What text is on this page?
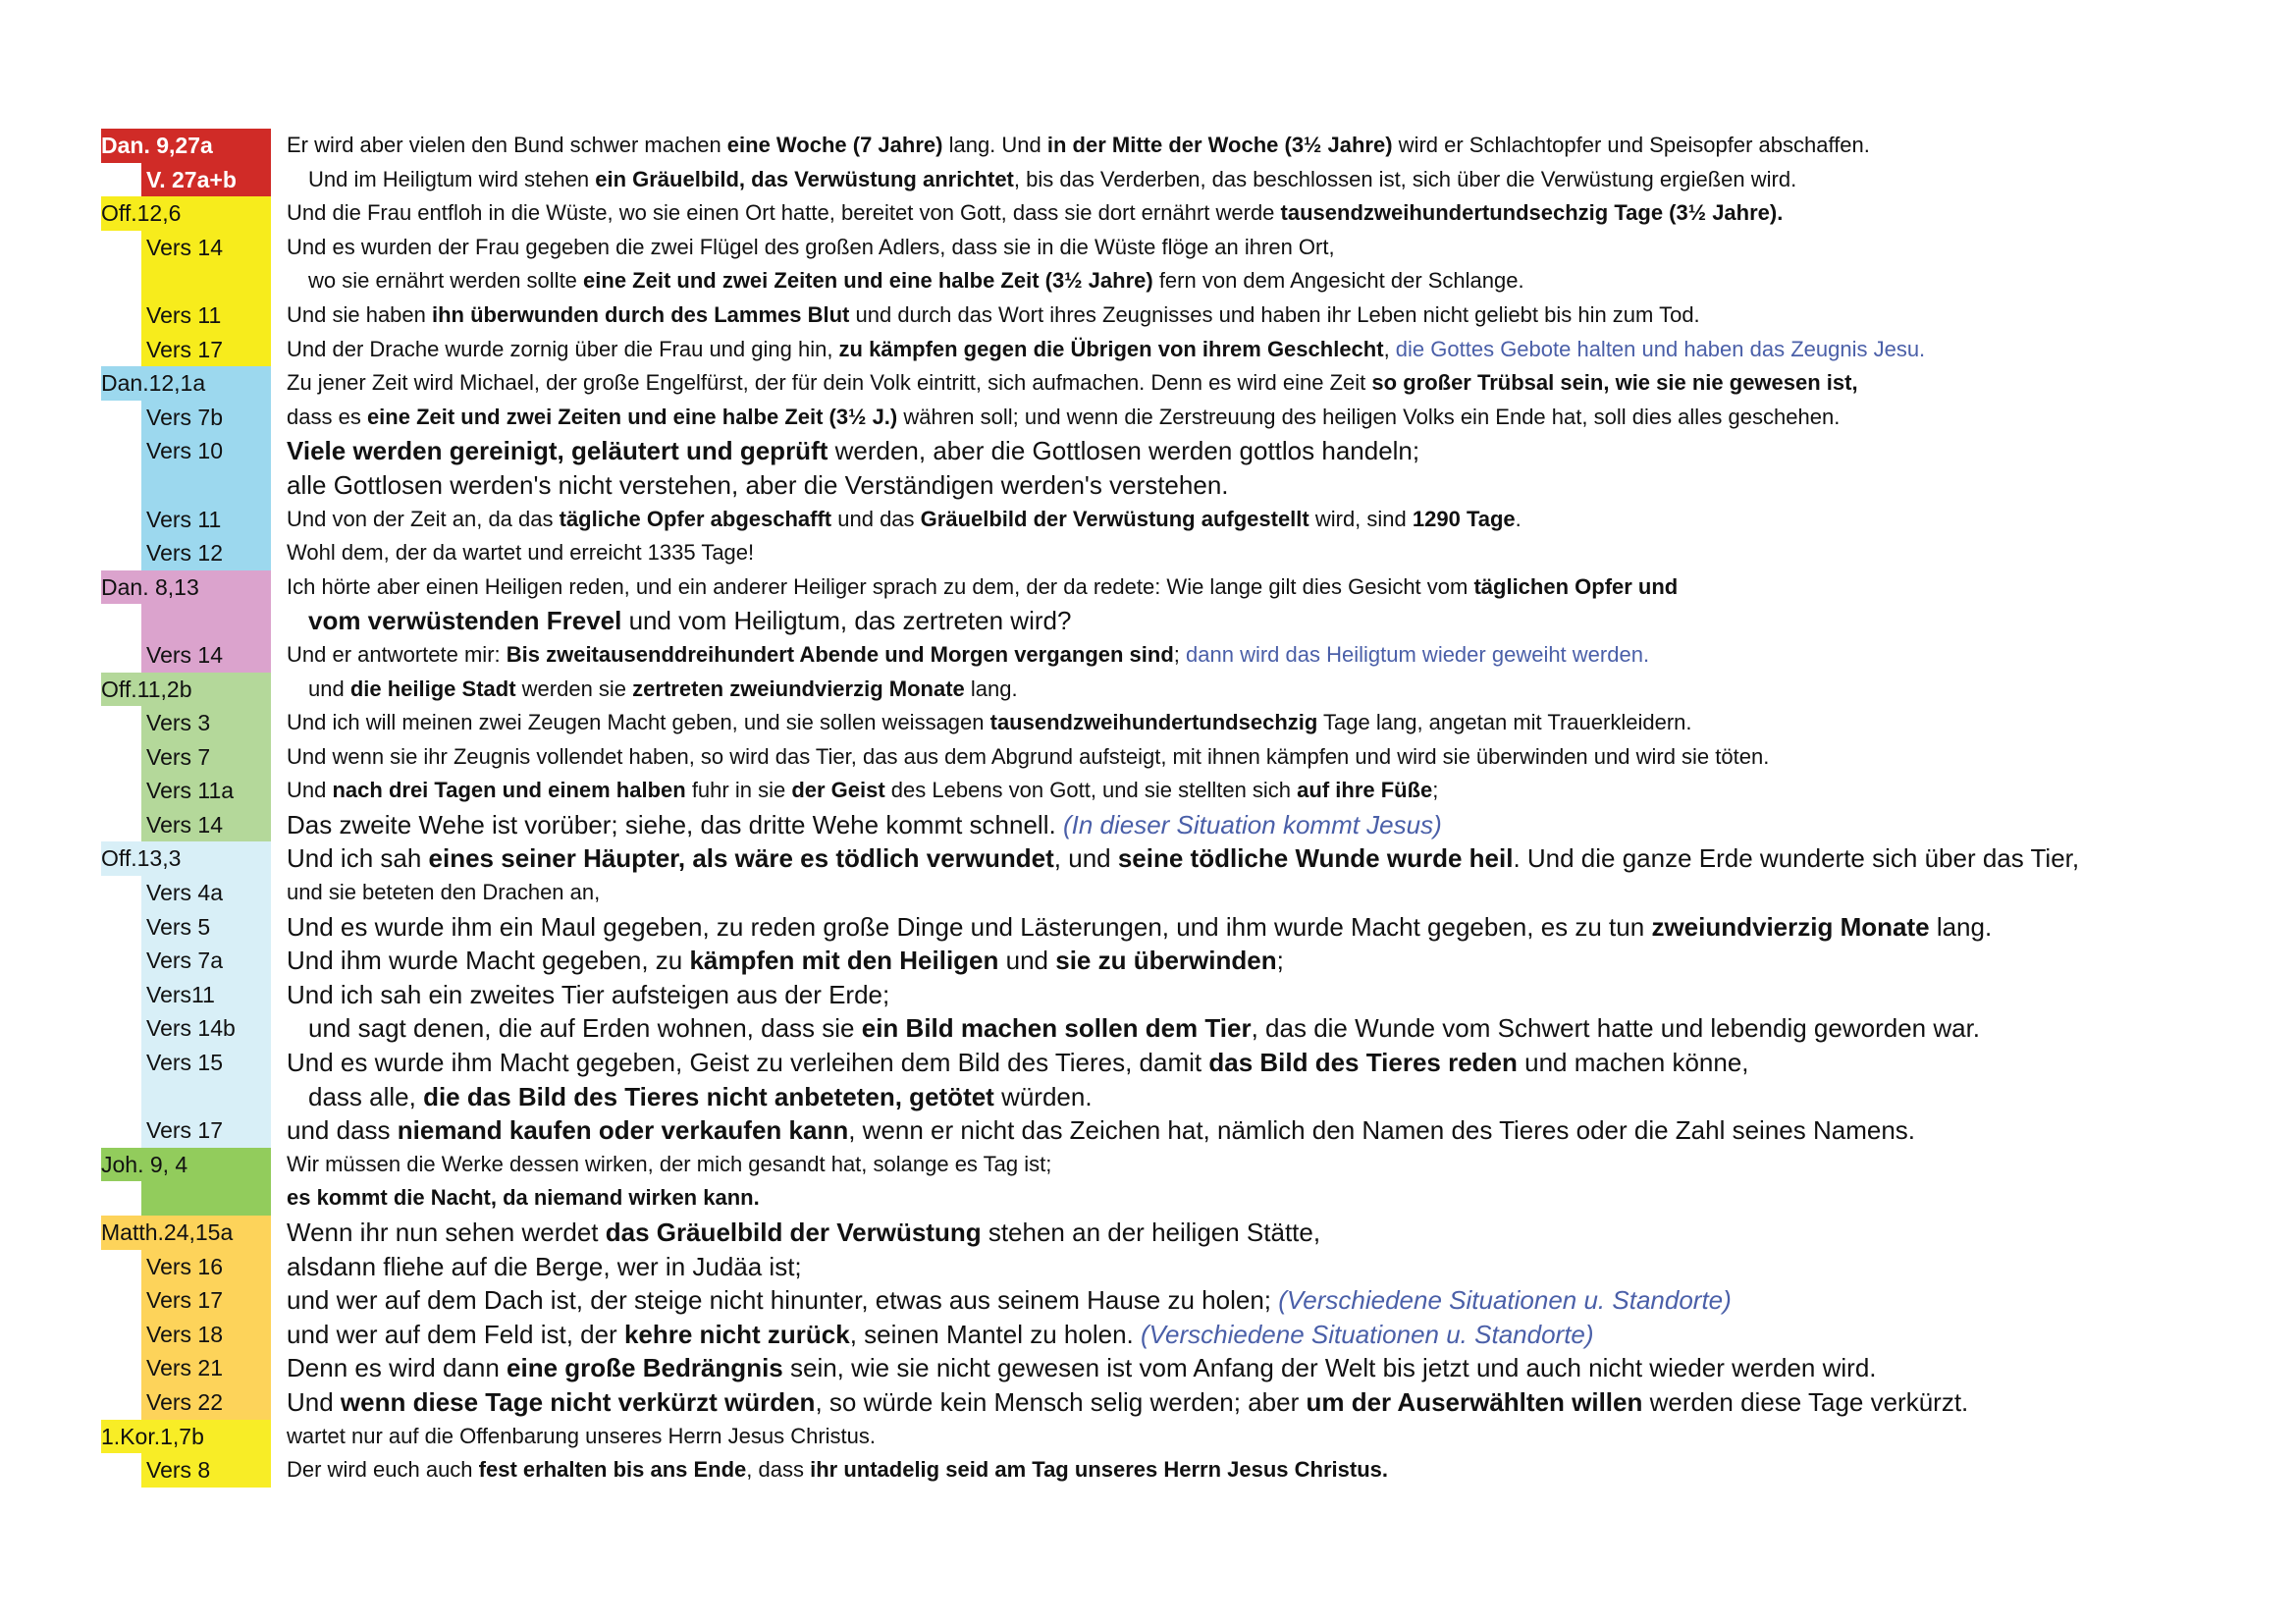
Dan. 9,27a	Er wird aber vielen den Bund schwer machen eine Woche (7 Jahre) lang. Und in der Mitte der Woche (3½ Jahre) wird er Schlachtopfer und Speisopfer abschaffen.
V. 27a+b	Und im Heiligtum wird stehen ein Gräuelbild, das Verwüstung anrichtet, bis das Verderben, das beschlossen ist, sich über die Verwüstung ergießen wird.
Off.12,6	Und die Frau entfloh in die Wüste, wo sie einen Ort hatte, bereitet von Gott, dass sie dort ernährt werde tausendzweihundertundsechzig Tage (3½ Jahre).
Vers 14	Und es wurden der Frau gegeben die zwei Flügel des großen Adlers, dass sie in die Wüste flöge an ihren Ort,
wo sie ernährt werden sollte eine Zeit und zwei Zeiten und eine halbe Zeit (3½ Jahre) fern von dem Angesicht der Schlange.
Vers 11	Und sie haben ihn überwunden durch des Lammes Blut und durch das Wort ihres Zeugnisses und haben ihr Leben nicht geliebt bis hin zum Tod.
Vers 17	Und der Drache wurde zornig über die Frau und ging hin, zu kämpfen gegen die Übrigen von ihrem Geschlecht, die Gottes Gebote halten und haben das Zeugnis Jesu.
Dan.12,1a	Zu jener Zeit wird Michael, der große Engelfürst, der für dein Volk eintritt, sich aufmachen. Denn es wird eine Zeit so großer Trübsal sein, wie sie nie gewesen ist,
Vers 7b	dass es eine Zeit und zwei Zeiten und eine halbe Zeit (3½ J.) währen soll; und wenn die Zerstreuung des heiligen Volks ein Ende hat, soll dies alles geschehen.
Vers 10	Viele werden gereinigt, geläutert und geprüft werden, aber die Gottlosen werden gottlos handeln;
alle Gottlosen werden's nicht verstehen, aber die Verständigen werden's verstehen.
Vers 11	Und von der Zeit an, da das tägliche Opfer abgeschafft und das Gräuelbild der Verwüstung aufgestellt wird, sind 1290 Tage.
Vers 12	Wohl dem, der da wartet und erreicht 1335 Tage!
Dan. 8,13	Ich hörte aber einen Heiligen reden, und ein anderer Heiliger sprach zu dem, der da redete: Wie lange gilt dies Gesicht vom täglichen Opfer und
vom verwüstenden Frevel und vom Heiligtum, das zertreten wird?
Vers 14	Und er antwortete mir: Bis zweitausenddreihundert Abende und Morgen vergangen sind; dann wird das Heiligtum wieder geweiht werden.
Off.11,2b	und die heilige Stadt werden sie zertreten zweiundvierzig Monate lang.
Vers 3	Und ich will meinen zwei Zeugen Macht geben, und sie sollen weissagen tausendzweihundertundsechzig Tage lang, angetan mit Trauerkleidern.
Vers 7	Und wenn sie ihr Zeugnis vollendet haben, so wird das Tier, das aus dem Abgrund aufsteigt, mit ihnen kämpfen und wird sie überwinden und wird sie töten.
Vers 11a	Und nach drei Tagen und einem halben fuhr in sie der Geist des Lebens von Gott, und sie stellten sich auf ihre Füße;
Vers 14	Das zweite Wehe ist vorüber; siehe, das dritte Wehe kommt schnell. (In dieser Situation kommt Jesus)
Off.13,3	Und ich sah eines seiner Häupter, als wäre es tödlich verwundet, und seine tödliche Wunde wurde heil. Und die ganze Erde wunderte sich über das Tier,
Vers 4a	und sie beteten den Drachen an,
Vers 5	Und es wurde ihm ein Maul gegeben, zu reden große Dinge und Lästerungen, und ihm wurde Macht gegeben, es zu tun zweiundvierzig Monate lang.
Vers 7a	Und ihm wurde Macht gegeben, zu kämpfen mit den Heiligen und sie zu überwinden;
Vers11	Und ich sah ein zweites Tier aufsteigen aus der Erde;
Vers 14b	und sagt denen, die auf Erden wohnen, dass sie ein Bild machen sollen dem Tier, das die Wunde vom Schwert hatte und lebendig geworden war.
Vers 15	Und es wurde ihm Macht gegeben, Geist zu verleihen dem Bild des Tieres, damit das Bild des Tieres reden und machen könne,
dass alle, die das Bild des Tieres nicht anbeteten, getötet würden.
Vers 17	und dass niemand kaufen oder verkaufen kann, wenn er nicht das Zeichen hat, nämlich den Namen des Tieres oder die Zahl seines Namens.
Joh. 9, 4	Wir müssen die Werke dessen wirken, der mich gesandt hat, solange es Tag ist;
es kommt die Nacht, da niemand wirken kann.
Matth.24,15a	Wenn ihr nun sehen werdet das Gräuelbild der Verwüstung stehen an der heiligen Stätte,
Vers 16	alsdann fliehe auf die Berge, wer in Judäa ist;
Vers 17	und wer auf dem Dach ist, der steige nicht hinunter, etwas aus seinem Hause zu holen; (Verschiedene Situationen u. Standorte)
Vers 18	und wer auf dem Feld ist, der kehre nicht zurück, seinen Mantel zu holen. (Verschiedene Situationen u. Standorte)
Vers 21	Denn es wird dann eine große Bedrängnis sein, wie sie nicht gewesen ist vom Anfang der Welt bis jetzt und auch nicht wieder werden wird.
Vers 22	Und wenn diese Tage nicht verkürzt würden, so würde kein Mensch selig werden; aber um der Auserwählten willen werden diese Tage verkürzt.
1.Kor.1,7b	wartet nur auf die Offenbarung unseres Herrn Jesus Christus.
Vers 8	Der wird euch auch fest erhalten bis ans Ende, dass ihr untadelig seid am Tag unseres Herrn Jesus Christus.
